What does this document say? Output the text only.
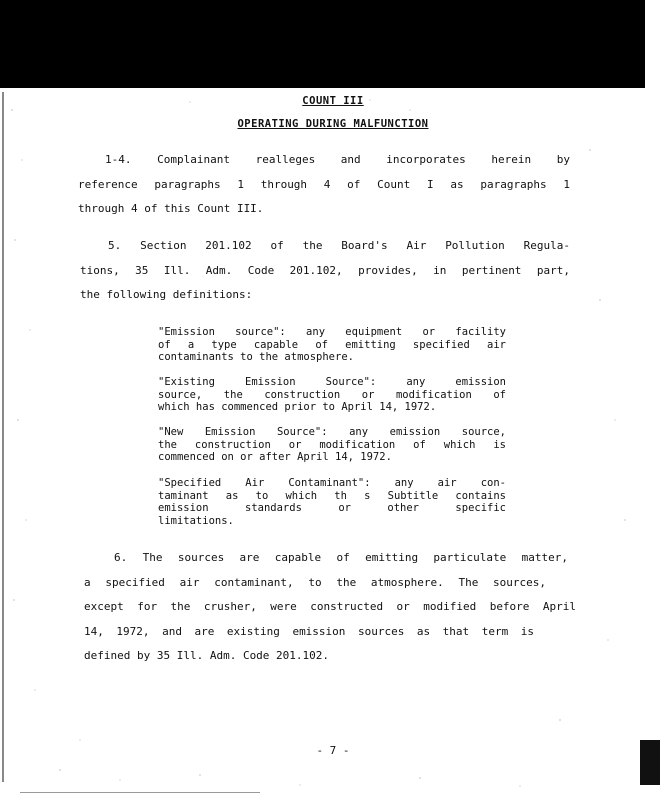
COUNT III
OPERATING DURING MALFUNCTION
1-4. Complainant realleges and incorporates herein by
reference paragraphs 1 through 4 of Count I as paragraphs 1
through 4 of this Count III.
5. Section 201.102 of the Board's Air Pollution Regula-
tions, 35 Ill. Adm. Code 201.102, provides, in pertinent part,
the following definitions:
"Emission source": any equipment or facility
of a type capable of emitting specified air
contaminants to the atmosphere.
"Existing Emission Source": any emission
source, the construction or modification of
which has commenced prior to April 14, 1972.
"New Emission Source": any emission source,
the construction or modification of which is
commenced on or after April 14, 1972.
"Specified Air Contaminant": any air con-
taminant as to which th s Subtitle contains
emission standards or other specific
limitations.
6. The sources are capable of emitting particulate matter,
a specified air contaminant, to the atmosphere. The sources,
except for the crusher, were constructed or modified before April
14, 1972, and are existing emission sources as that term is
defined by 35 Ill. Adm. Code 201.102.
- 7 -
